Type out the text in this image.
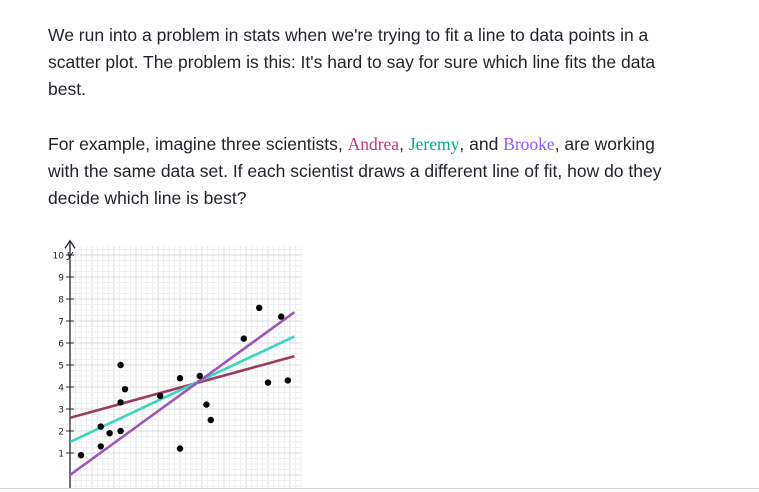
We run into a problem in stats when we're trying to fit a line to data points in a scatter plot. The problem is this: It's hard to say for sure which line fits the data best.

For example, imagine three scientists, Andrea, Jeremy, and Brooke, are working with the same data set. If each scientist draws a different line of fit, how do they decide which line is best?

1
2
3
4
5
6
7
8
9
10 y
